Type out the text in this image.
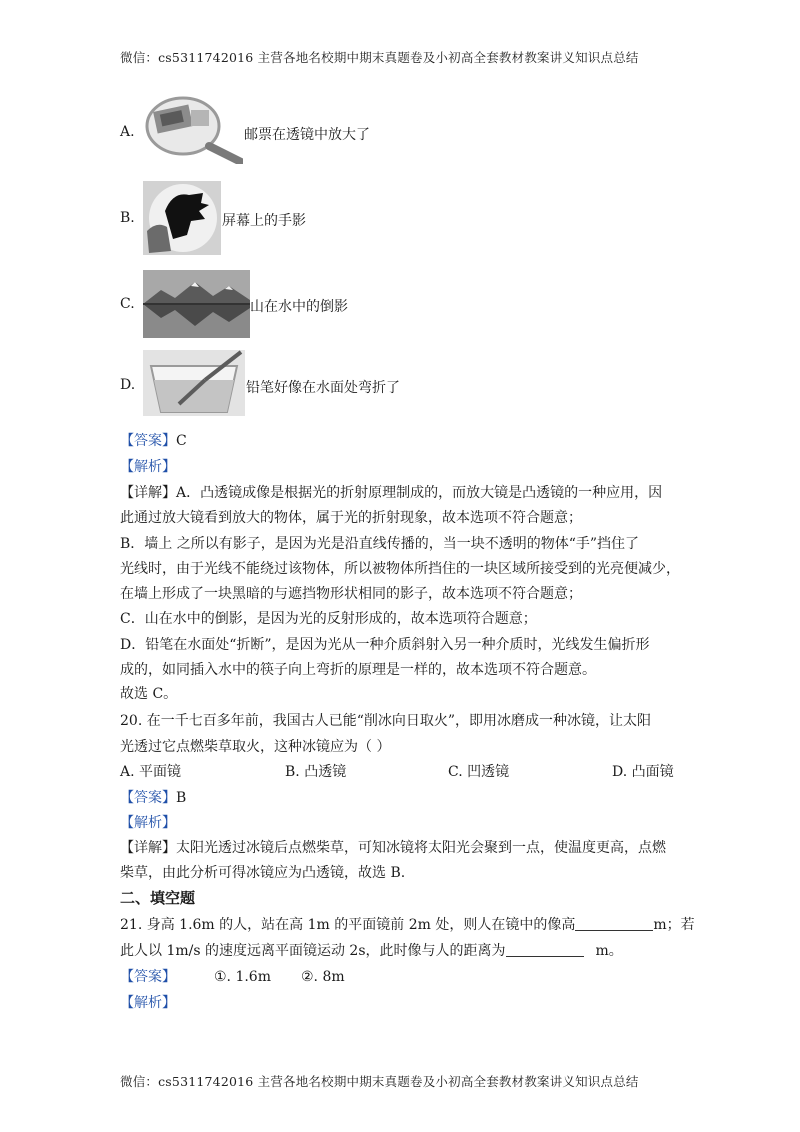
微信：cs5311742016 主营各地名校期中期末真题卷及小初高全套教材教案讲义知识点总结
A.	邮票在透镜中放大了
B.	屏幕上的手影
C.	山在水中的倒影
D.	铅笔好像在水面处弯折了
【答案】C
【解析】
【详解】A．凸透镜成像是根据光的折射原理制成的，而放大镜是凸透镜的一种应用，因
此通过放大镜看到放大的物体，属于光的折射现象，故本选项不符合题意；
B．墙上 之所以有影子，是因为光是沿直线传播的，当一块不透明的物体“手”挡住了
光线时，由于光线不能绕过该物体，所以被物体所挡住的一块区域所接受到的光亮便减少，
在墙上形成了一块黑暗的与遮挡物形状相同的影子，故本选项不符合题意；
C．山在水中的倒影，是因为光的反射形成的，故本选项符合题意；
D．铅笔在水面处“折断”，是因为光从一种介质斜射入另一种介质时，光线发生偏折形
成的，如同插入水中的筷子向上弯折的原理是一样的，故本选项不符合题意。
故选 C。
20. 在一千七百多年前，我国古人已能“削冰向日取火”，即用冰磨成一种冰镜，让太阳
光透过它点燃柴草取火，这种冰镜应为（ ）
A. 平面镜	B. 凸透镜	C. 凹透镜	D. 凸面镜
【答案】B
【解析】
【详解】太阳光透过冰镜后点燃柴草，可知冰镜将太阳光会聚到一点，使温度更高，点燃
柴草，由此分析可得冰镜应为凸透镜，故选 B.
二、填空题
21. 身高 1.6m 的人，站在高 1m 的平面镜前 2m 处，则人在镜中的像高	m；若
此人以 1m/s 的速度远离平面镜运动 2s，此时像与人的距离为	m。
【答案】	①. 1.6m ②. 8m
【解析】
微信：cs5311742016 主营各地名校期中期末真题卷及小初高全套教材教案讲义知识点总结
